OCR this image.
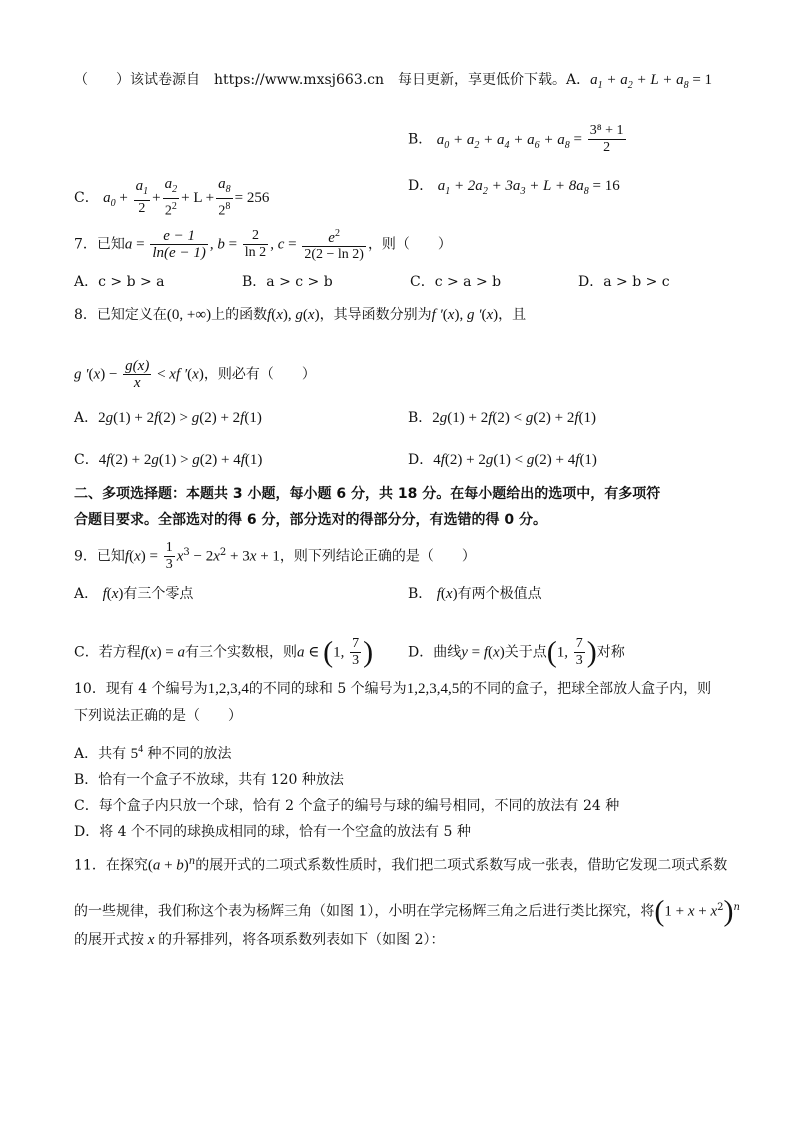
（　　）该试卷源自　https://www.mxsj663.cn　每日更新，享更低价下载。A．$a_1 + a_2 + L + a_8 = 1$
B． $a_0 + a_2 + a_4 + a_6 + a_8 = \frac{\text{3⁸ + 1}}{2}$
C． $a_0 + \frac{a_1}{2} + \frac{a_2}{2^2} + L + \frac{a_8}{2^8} = 256$
D． $a_1 + 2a_2 + 3a_3 + L + 8a_8 = 16$
7．已知$a = \frac{e - 1}{\ln(e - 1)}$ , $b = \frac{2}{\ln 2}$ , $c = \frac{e^2}{2(2 - \ln 2)}$ ，则（　　）
A．c > b > a	B．a > c > b	C．c > a > b	D．a > b > c
8．已知定义在(0, +∞)上的函数f(x), g(x)，其导函数分别为f ′(x), g ′(x)，且
g $'(x) - \frac{g(x)}{x}$ < xf ′(x)，则必有（　　）
A．2g(1) + 2f(2) > g(2) + 2f(1)	B．2g(1) + 2f(2) < g(2) + 2f(1)
C．4f(2) + 2g(1) > g(2) + 4f(1)	D．4f(2) + 2g(1) < g(2) + 4f(1)
二、多项选择题：本题共 3 小题，每小题 6 分，共 18 分。在每小题给出的选项中，有多项符
合题目要求。全部选对的得 6 分，部分选对的得部分分，有选错的得 0 分。
9．已知$f(x) = \frac{1}{3} x^3 - 2x^2 + 3x + 1$，则下列结论正确的是（　　）
A． f(x)有三个零点	B． f(x)有两个极值点
C．若方程f(x) = a有三个实数根，则a ∈ (1, $\frac{7}{3}$ ) D．曲线y = f(x)关于点(1, $\frac{7}{3}$ )对称
10．现有 4 个编号为1,2,3,4的不同的球和 5 个编号为1,2,3,4,5的不同的盒子，把球全部放人盒子内，则
下列说法正确的是（　　）
A．共有 $5^4$ 种不同的放法
B．恰有一个盒子不放球，共有 120 种放法
C．每个盒子内只放一个球，恰有 2 个盒子的编号与球的编号相同，不同的放法有 24 种
D．将 4 个不同的球换成相同的球，恰有一个空盒的放法有 5 种
11．在探究$(a + b)^n$的展开式的二项式系数性质时，我们把二项式系数写成一张表，借助它发现二项式系数
的一些规律，我们称这个表为杨辉三角（如图 1），小明在学完杨辉三角之后进行类比探究，将$(1 + x + x^2)^n$
的展开式按 x 的升幂排列，将各项系数列表如下（如图 2）：
